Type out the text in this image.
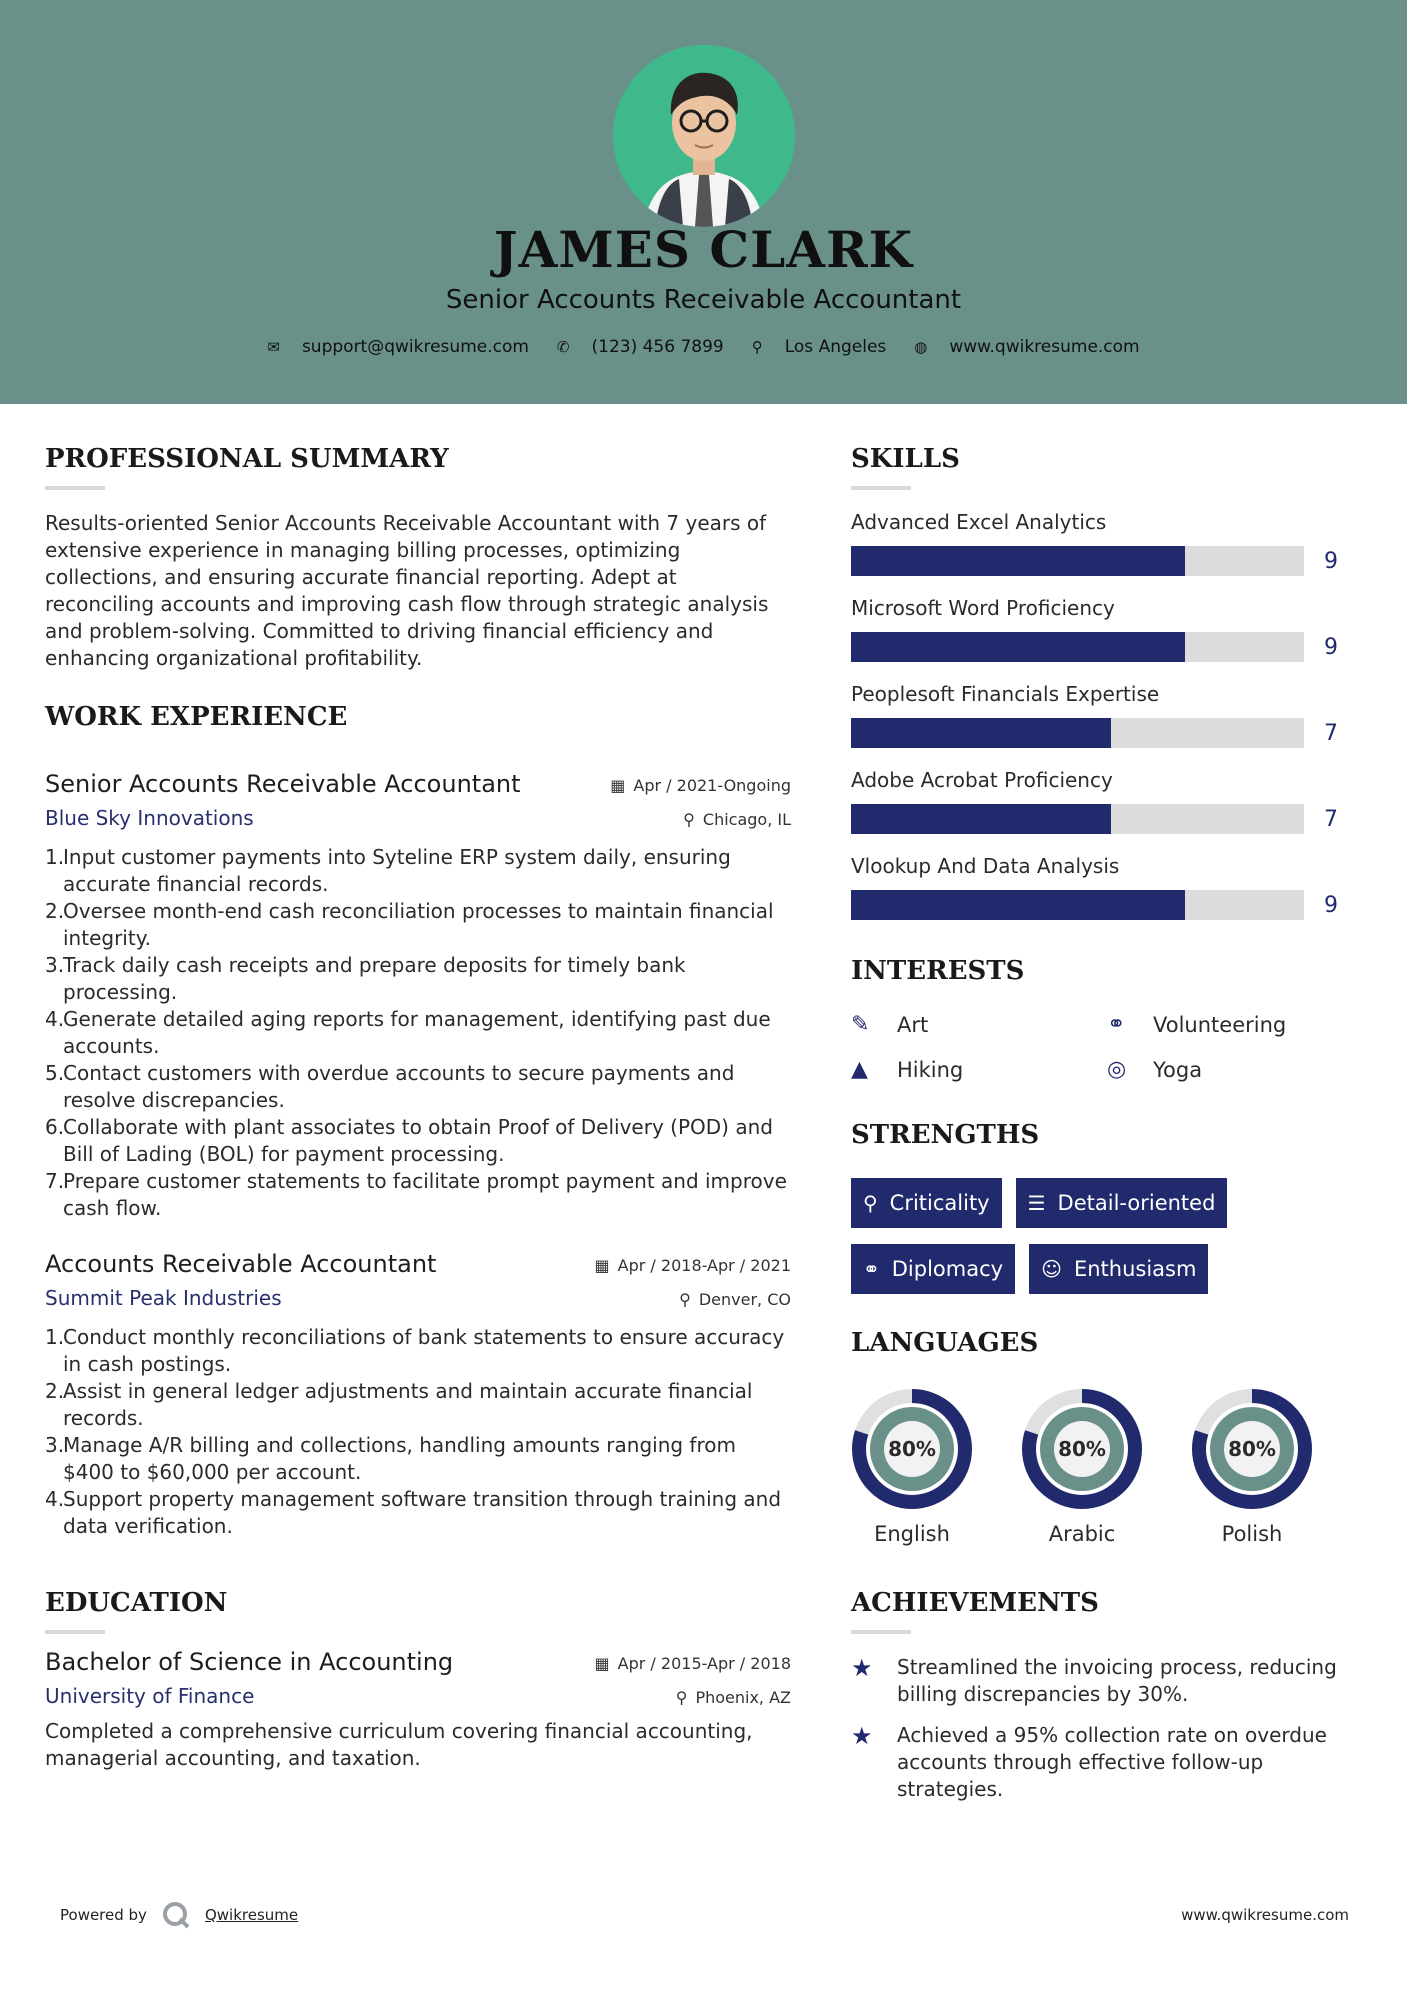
JAMES CLARK
Senior Accounts Receivable Accountant
✉ support@qwikresume.com ✆ (123) 456 7899 ⚲ Los Angeles ◍ www.qwikresume.com
PROFESSIONAL SUMMARY
Results-oriented Senior Accounts Receivable Accountant with 7 years of extensive experience in managing billing processes, optimizing collections, and ensuring accurate financial reporting. Adept at reconciling accounts and improving cash flow through strategic analysis and problem-solving. Committed to driving financial efficiency and enhancing organizational profitability.
WORK EXPERIENCE
Senior Accounts Receivable Accountant	▦ Apr / 2021-Ongoing
Blue Sky Innovations	⚲ Chicago, IL
1.
Input customer payments into Syteline ERP system daily, ensuring accurate financial records.
2.
Oversee month-end cash reconciliation processes to maintain financial integrity.
3.
Track daily cash receipts and prepare deposits for timely bank processing.
4.
Generate detailed aging reports for management, identifying past due accounts.
5.
Contact customers with overdue accounts to secure payments and resolve discrepancies.
6.
Collaborate with plant associates to obtain Proof of Delivery (POD) and Bill of Lading (BOL) for payment processing.
7.
Prepare customer statements to facilitate prompt payment and improve cash flow.
Accounts Receivable Accountant	▦ Apr / 2018-Apr / 2021
Summit Peak Industries	⚲ Denver, CO
1.
Conduct monthly reconciliations of bank statements to ensure accuracy in cash postings.
2.
Assist in general ledger adjustments and maintain accurate financial records.
3.
Manage A/R billing and collections, handling amounts ranging from $400 to $60,000 per account.
4.
Support property management software transition through training and data verification.
EDUCATION
Bachelor of Science in Accounting	▦ Apr / 2015-Apr / 2018
University of Finance	⚲ Phoenix, AZ
Completed a comprehensive curriculum covering financial accounting, managerial accounting, and taxation.
SKILLS
Advanced Excel Analytics
9
Microsoft Word Proficiency
9
Peoplesoft Financials Expertise
7
Adobe Acrobat Proficiency
7
Vlookup And Data Analysis
9
INTERESTS
✎	Art	⚭	Volunteering
▲	Hiking	◎	Yoga
STRENGTHS
⚲ Criticality ☰ Detail-oriented
⚭ Diplomacy ☺ Enthusiasm
LANGUAGES
80%
English
80%
Arabic
80%
Polish
ACHIEVEMENTS
★	Streamlined the invoicing process, reducing billing discrepancies by 30%.
★	Achieved a 95% collection rate on overdue accounts through effective follow-up strategies.
Powered by	Qwikresume	www.qwikresume.com
